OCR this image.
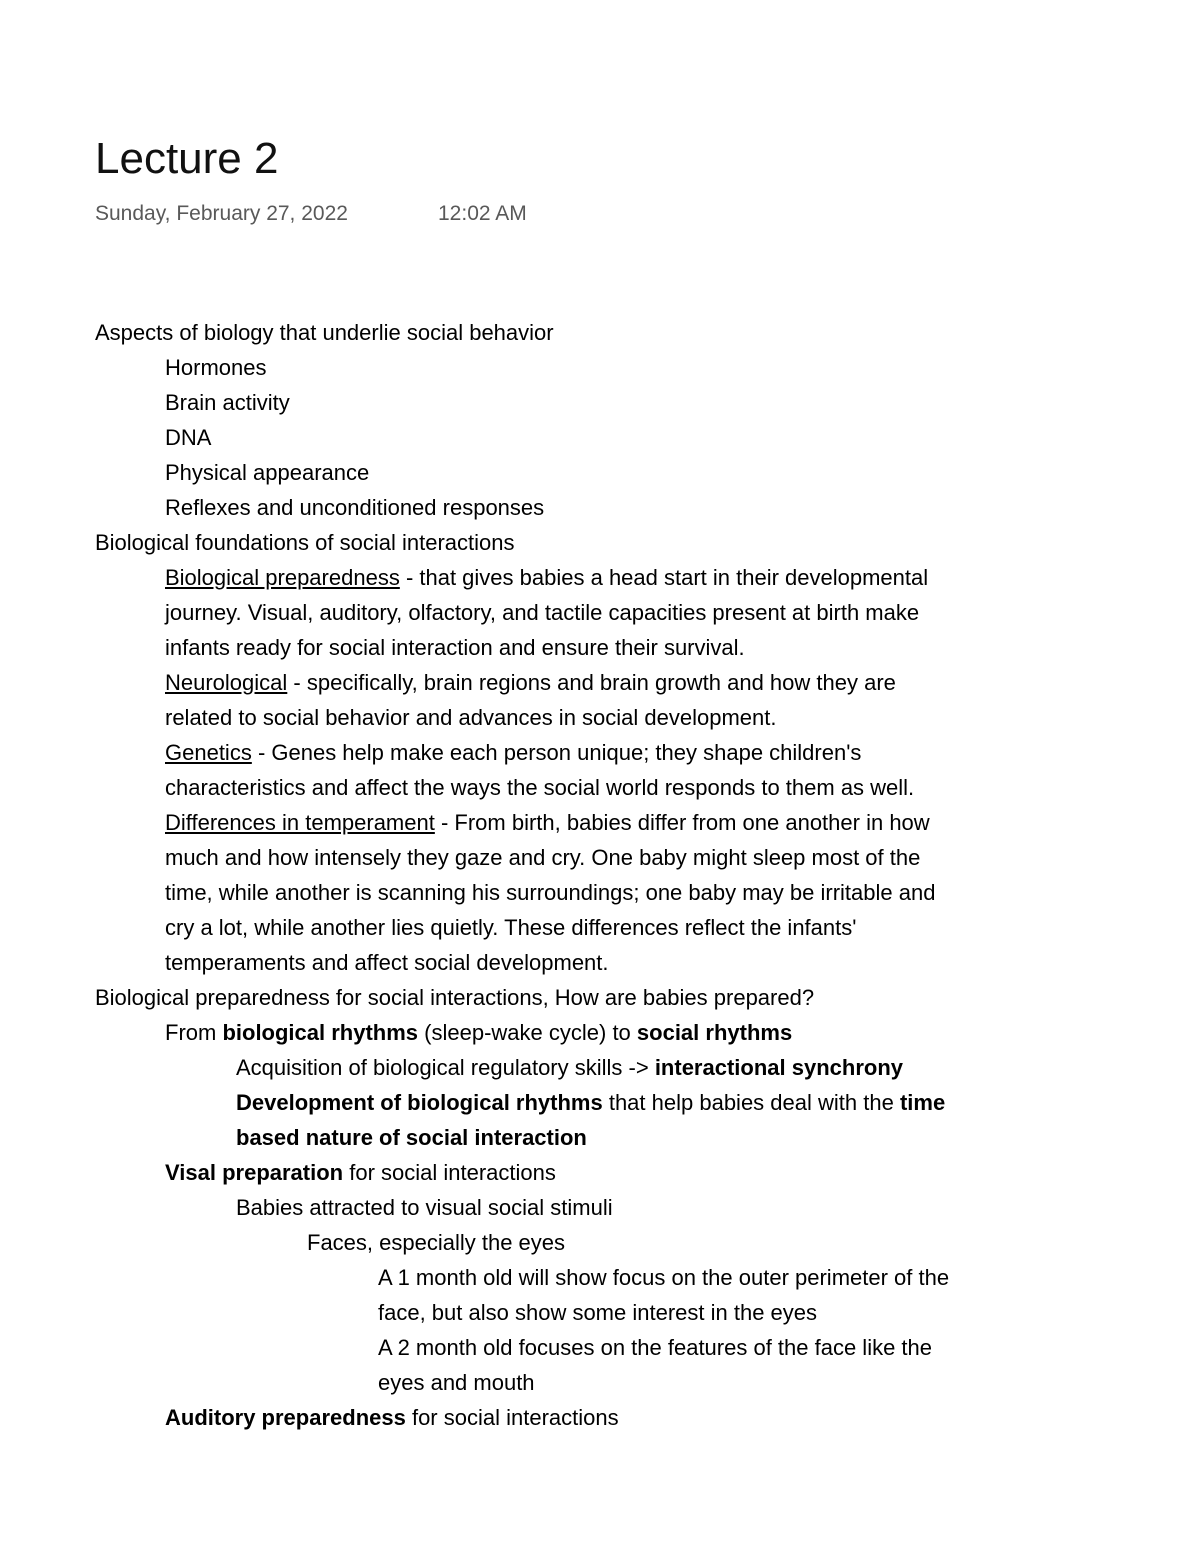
Lecture 2
Sunday, February 27, 2022	12:02 AM
Aspects of biology that underlie social behavior
Hormones
Brain activity
DNA
Physical appearance
Reflexes and unconditioned responses
Biological foundations of social interactions
Biological preparedness - that gives babies a head start in their developmental
journey. Visual, auditory, olfactory, and tactile capacities present at birth make
infants ready for social interaction and ensure their survival.
Neurological - specifically, brain regions and brain growth and how they are
related to social behavior and advances in social development.
Genetics - Genes help make each person unique; they shape children's
characteristics and affect the ways the social world responds to them as well.
Differences in temperament - From birth, babies differ from one another in how
much and how intensely they gaze and cry. One baby might sleep most of the
time, while another is scanning his surroundings; one baby may be irritable and
cry a lot, while another lies quietly. These differences reflect the infants'
temperaments and affect social development.
Biological preparedness for social interactions, How are babies prepared?
From biological rhythms (sleep-wake cycle) to social rhythms
Acquisition of biological regulatory skills -> interactional synchrony
Development of biological rhythms that help babies deal with the time
based nature of social interaction
Visal preparation for social interactions
Babies attracted to visual social stimuli
Faces, especially the eyes
A 1 month old will show focus on the outer perimeter of the
face, but also show some interest in the eyes
A 2 month old focuses on the features of the face like the
eyes and mouth
Auditory preparedness for social interactions
